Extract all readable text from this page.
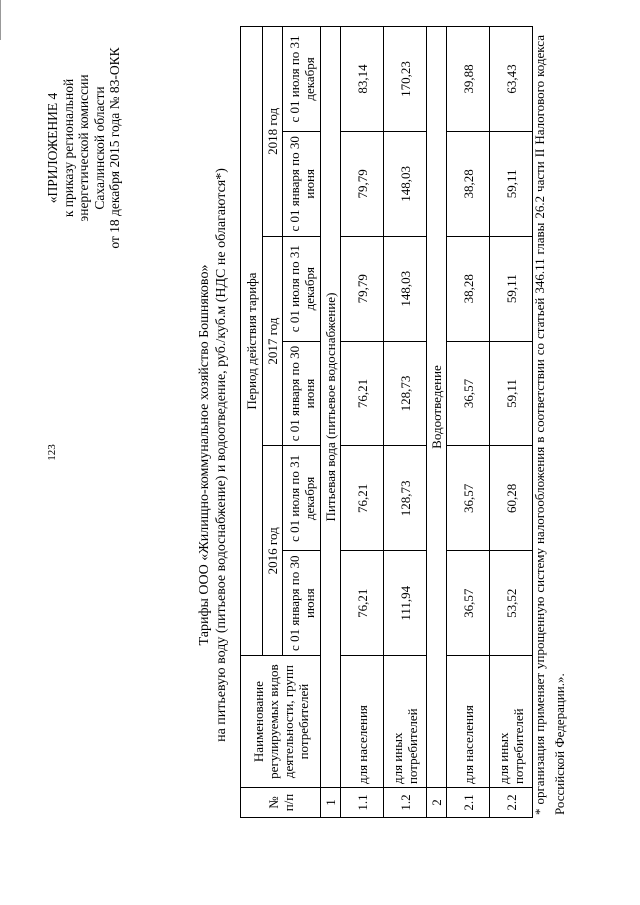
123
«ПРИЛОЖЕНИЕ 4 к приказу региональной энергетической комиссии Сахалинской области от 18 декабря 2015 года № 83-ОКК
Тарифы ООО «Жилищно-коммунальное хозяйство Бошняково» на питьевую воду (питьевое водоснабжение) и водоотведение, руб./куб.м (НДС не облагаются*)
№ п/п	Наименование регулируемых видов деятельности, групп потребителей	Период действия тарифа					
		2016 год		2017 год		2018 год	
		с 01 января по 30 июня	с 01 июля по 31 декабря	с 01 января по 30 июня	с 01 июля по 31 декабря	с 01 января по 30 июня	с 01 июля по 31 декабря
1	Питьевая вода (питьевое водоснабжение)						
1.1	для населения	76,21	76,21	76,21	79,79	79,79	83,14
1.2	для иных потребителей	111,94	128,73	128,73	148,03	148,03	170,23
2	Водоотведение						
2.1	для населения	36,57	36,57	36,57	38,28	38,28	39,88
2.2	для иных потребителей	53,52	60,28	59,11	59,11	59,11	63,43 * организация применяет упрощенную систему налогообложения в соответствии со статьей 346.11 главы 26.2 части II Налогового кодекса Российской Федерации.».
